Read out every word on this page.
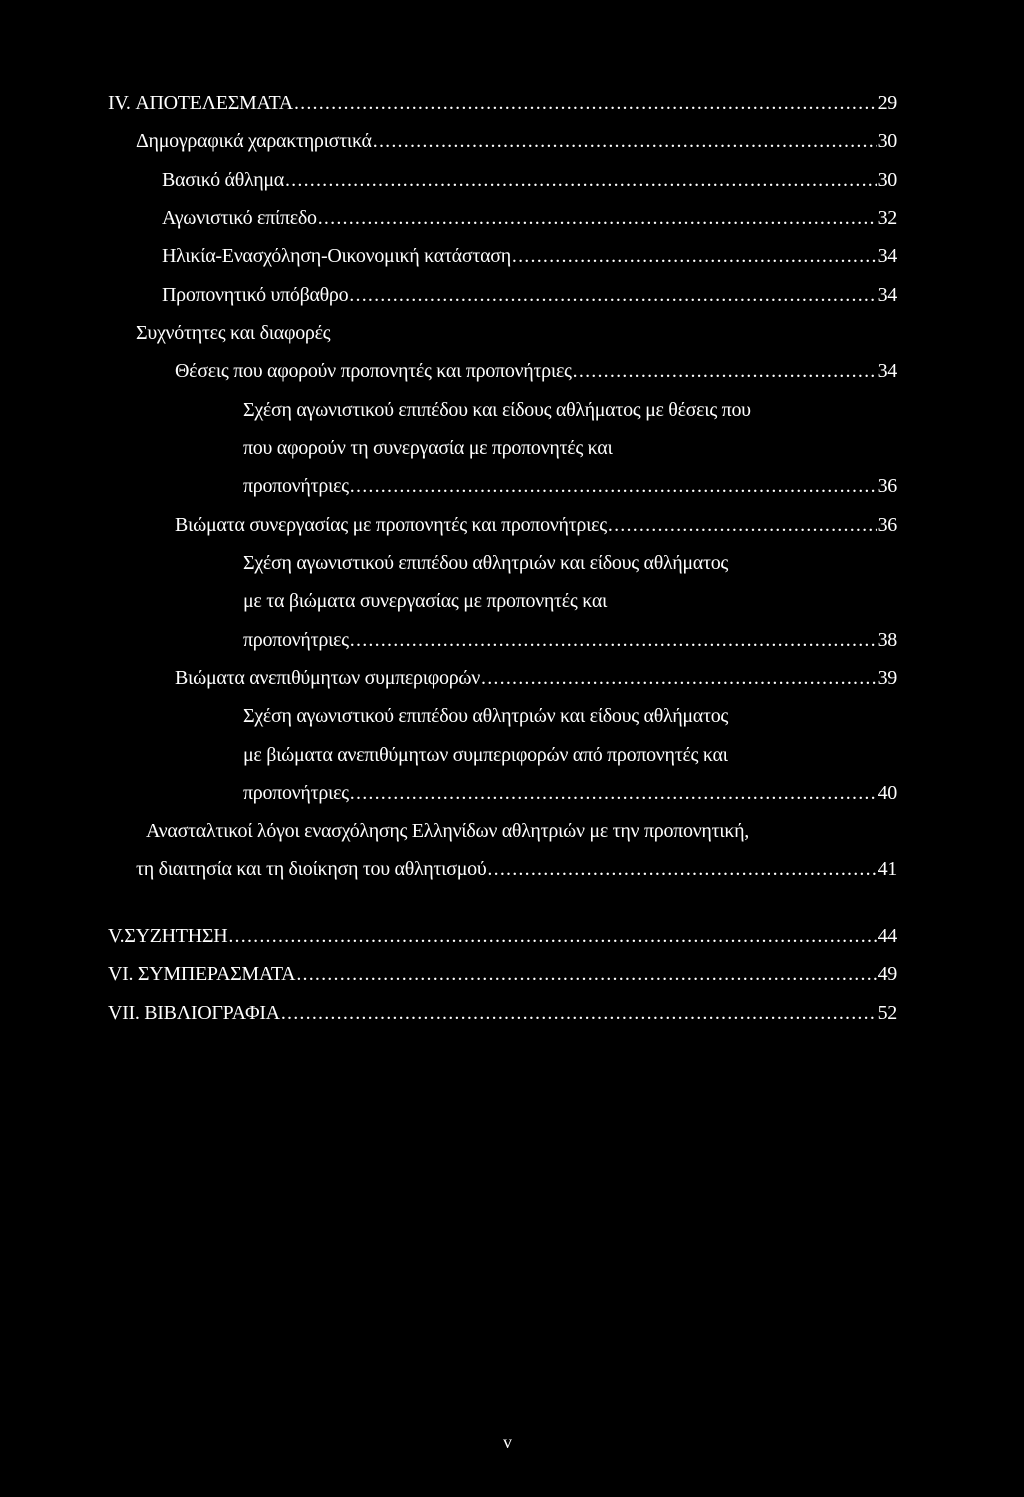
IV. ΑΠΟΤΕΛΕΣΜΑΤΑ .....	29
Δημογραφικά χαρακτηριστικά .....	30
Βασικό άθλημα .....	30
Αγωνιστικό επίπεδο .....	32
Ηλικία-Ενασχόληση-Οικονομική κατάσταση .....	34
Προπονητικό υπόβαθρο .....	34
Συχνότητες και διαφορές
Θέσεις που αφορούν προπονητές και προπονήτριες .....	34
Σχέση αγωνιστικού επιπέδου και είδους αθλήματος με θέσεις που
που αφορούν τη συνεργασία με προπονητές και
προπονήτριες .....	36
Βιώματα συνεργασίας με προπονητές και προπονήτριες .....	36
Σχέση αγωνιστικού επιπέδου αθλητριών και είδους αθλήματος
με τα βιώματα συνεργασίας με προπονητές και
προπονήτριες .....	38
Βιώματα ανεπιθύμητων συμπεριφορών .....	39
Σχέση αγωνιστικού επιπέδου αθλητριών και είδους αθλήματος
με βιώματα ανεπιθύμητων συμπεριφορών από προπονητές και
προπονήτριες .....	40
Ανασταλτικοί λόγοι ενασχόλησης Ελληνίδων αθλητριών με την προπονητική,
τη διαιτησία και τη διοίκηση του αθλητισμού .....	41
V.ΣΥΖΗΤΗΣΗ .....	44
VI. ΣΥΜΠΕΡΑΣΜΑΤΑ .....	49
VII. ΒΙΒΛΙΟΓΡΑΦΙΑ .....	52
v
